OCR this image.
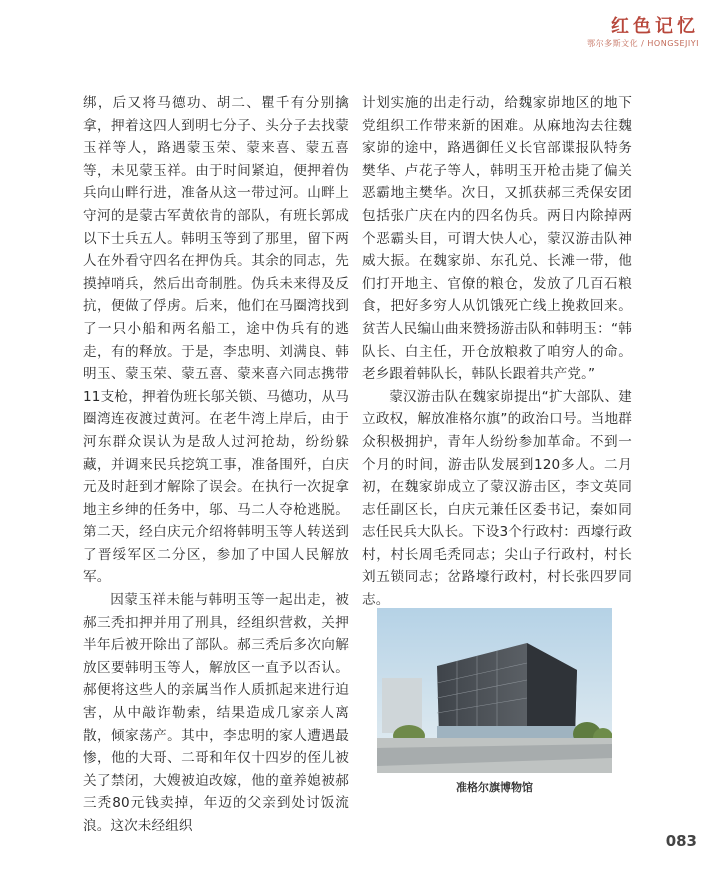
红色记忆
鄂尔多斯文化 / HONGSEJIYI

绑，后又将马德功、胡二、瞿千有分别擒拿，押着这四人到明七分子、头分子去找蒙玉祥等人，路遇蒙玉荣、蒙来喜、蒙五喜等，未见蒙玉祥。由于时间紧迫，便押着伪兵向山畔行进，准备从这一带过河。山畔上守河的是蒙古军黄依肯的部队，有班长郭成以下士兵五人。韩明玉等到了那里，留下两人在外看守四名在押伪兵。其余的同志，先摸掉哨兵，然后出奇制胜。伪兵未来得及反抗，便做了俘虏。后来，他们在马圈湾找到了一只小船和两名船工，途中伪兵有的逃走，有的释放。于是，李忠明、刘满良、韩明玉、蒙玉荣、蒙五喜、蒙来喜六同志携带11支枪，押着伪班长邬关锁、马德功，从马圈湾连夜渡过黄河。在老牛湾上岸后，由于河东群众误认为是敌人过河抢劫，纷纷躲藏，并调来民兵挖筑工事，准备围歼，白庆元及时赶到才解除了误会。在执行一次捉拿地主乡绅的任务中，邬、马二人夺枪逃脱。第二天，经白庆元介绍将韩明玉等人转送到了晋绥军区二分区，参加了中国人民解放军。

因蒙玉祥未能与韩明玉等一起出走，被郝三秃扣押并用了刑具，经组织营救，关押半年后被开除出了部队。郝三秃后多次向解放区要韩明玉等人，解放区一直予以否认。郝便将这些人的亲属当作人质抓起来进行迫害，从中敲诈勒索，结果造成几家亲人离散，倾家荡产。其中，李忠明的家人遭遇最惨，他的大哥、二哥和年仅十四岁的侄儿被关了禁闭，大嫂被迫改嫁，他的童养媳被郝三秃80元钱卖掉，年迈的父亲到处讨饭流浪。这次未经组织

计划实施的出走行动，给魏家峁地区的地下党组织工作带来新的困难。从麻地沟去往魏家峁的途中，路遇御任义长官部谍报队特务樊华、卢花子等人，韩明玉开枪击毙了偏关恶霸地主樊华。次日，又抓获郝三秃保安团包括张广庆在内的四名伪兵。两日内除掉两个恶霸头目，可谓大快人心，蒙汉游击队神威大振。在魏家峁、东孔兑、长滩一带，他们打开地主、官僚的粮仓，发放了几百石粮食，把好多穷人从饥饿死亡线上挽救回来。贫苦人民编山曲来赞扬游击队和韩明玉：“韩队长、白主任，开仓放粮救了咱穷人的命。老乡跟着韩队长，韩队长跟着共产党。”

蒙汉游击队在魏家峁提出“扩大部队、建立政权，解放准格尔旗”的政治口号。当地群众积极拥护，青年人纷纷参加革命。不到一个月的时间，游击队发展到120多人。二月初，在魏家峁成立了蒙汉游击区，李文英同志任副区长，白庆元兼任区委书记，秦如同志任民兵大队长。下设3个行政村：西壕行政村，村长周毛秃同志；尖山子行政村，村长刘五锁同志；岔路壕行政村，村长张四罗同志。

准格尔旗博物馆
083
